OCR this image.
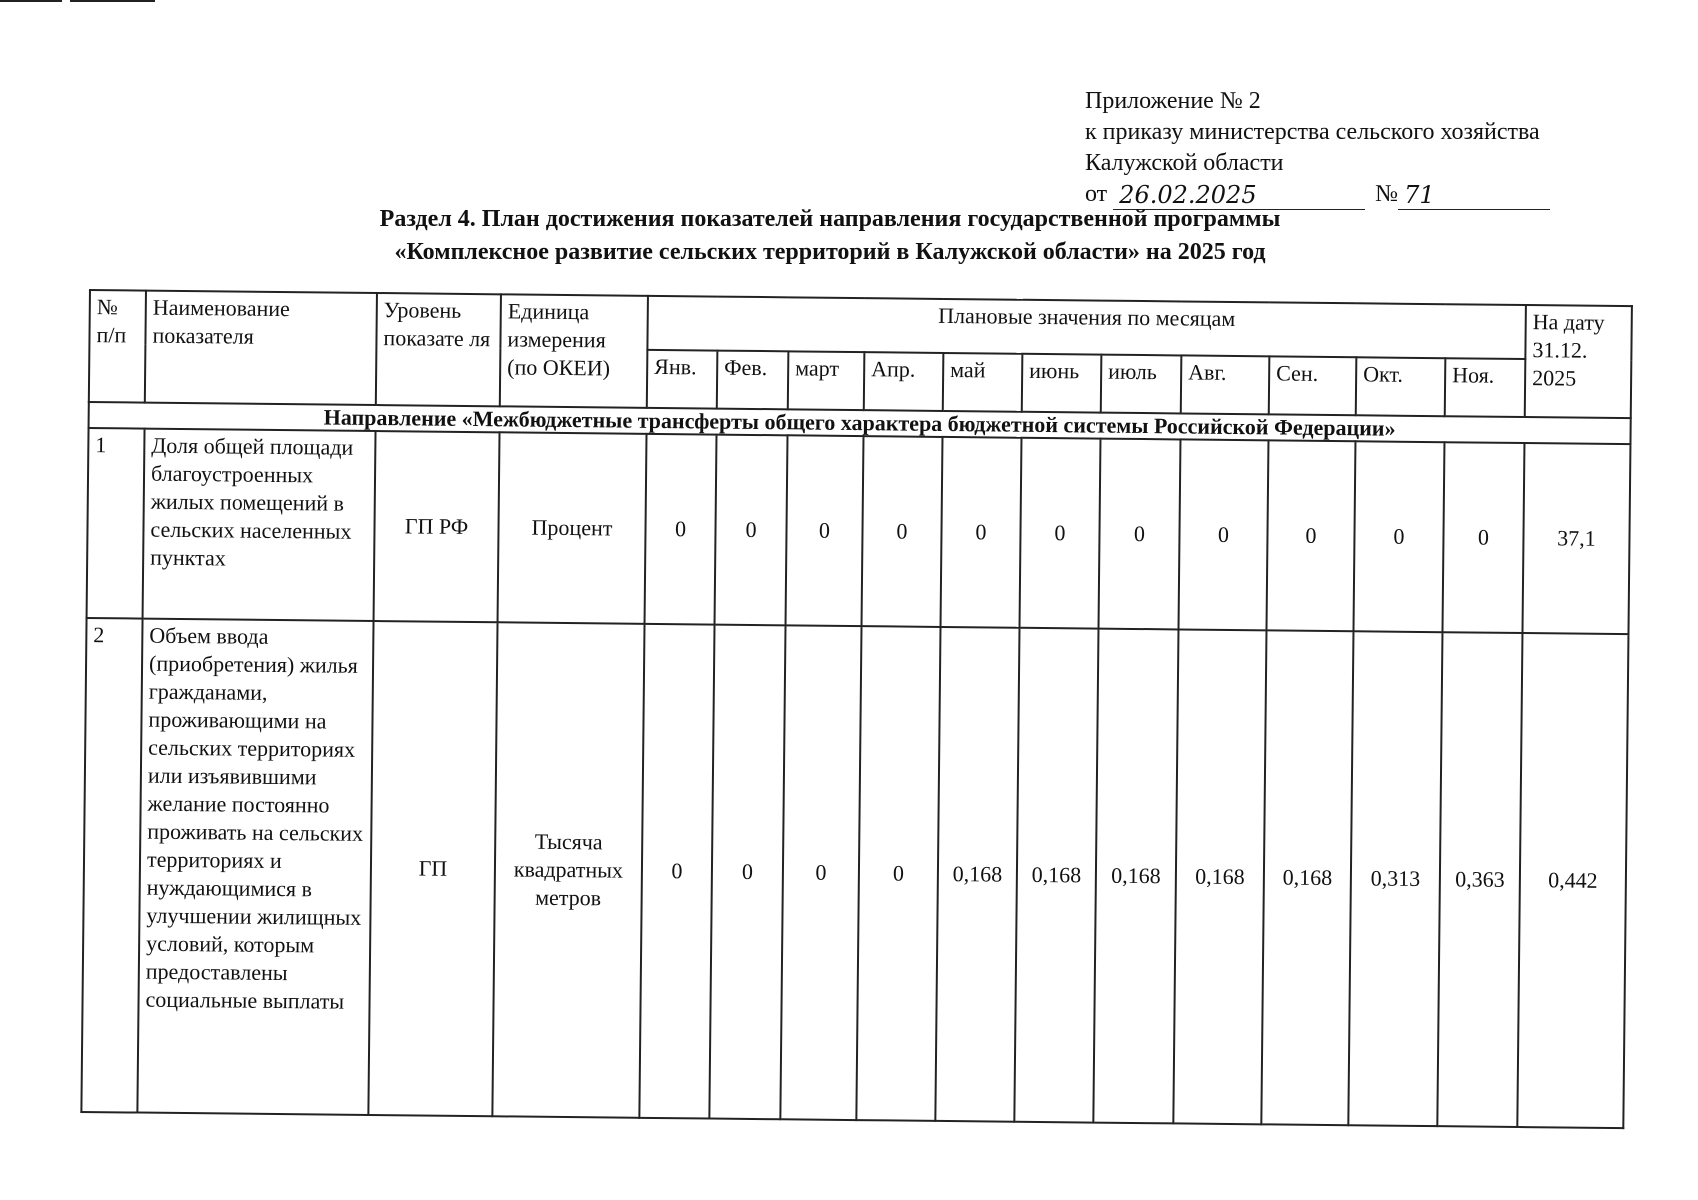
Приложение № 2
к приказу министерства сельского хозяйства
Калужской области
от 26.02.2025	№ 71
Раздел 4. План достижения показателей направления государственной программы
«Комплексное развитие сельских территорий в Калужской области» на 2025 год
№ п/п	Наименование показателя	Уровень показате ля	Единица измерения (по ОКЕИ)	Плановые значения по месяцам											На дату 31.12. 2025
				Янв.	Фев.	март	Апр.	май	июнь	июль	Авг.	Сен.	Окт.	Ноя.	
Направление «Межбюджетные трансферты общего характера бюджетной системы Российской Федерации»															
1	Доля общей площади благоустроенных жилых помещений в сельских населенных пунктах	ГП РФ	Процент	0	0	0	0	0	0	0	0	0	0	0	37,1
2	Объем ввода (приобретения) жилья гражданами, проживающими на сельских территориях или изъявившими желание постоянно проживать на сельских территориях и нуждающимися в улучшении жилищных условий, которым предоставлены социальные выплаты	ГП	Тысяча квадратных метров	0	0	0	0	0,168	0,168	0,168	0,168	0,168	0,313	0,363	0,442
